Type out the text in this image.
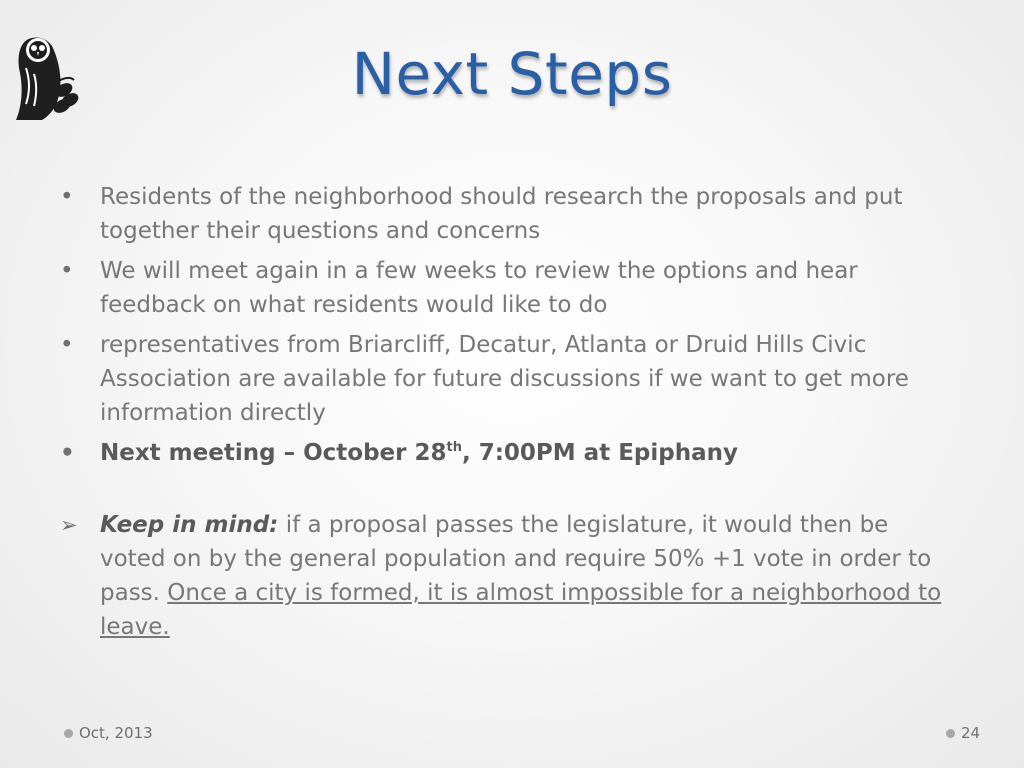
Next Steps
• Residents of the neighborhood should research the proposals and put together their questions and concerns
• We will meet again in a few weeks to review the options and hear feedback on what residents would like to do
• representatives from Briarcliff, Decatur, Atlanta or Druid Hills Civic Association are available for future discussions if we want to get more information directly
• Next meeting – October 28th, 7:00PM at Epiphany
➢ Keep in mind: if a proposal passes the legislature, it would then be voted on by the general population and require 50% +1 vote in order to pass. Once a city is formed, it is almost impossible for a neighborhood to leave.
Oct, 2013	24
